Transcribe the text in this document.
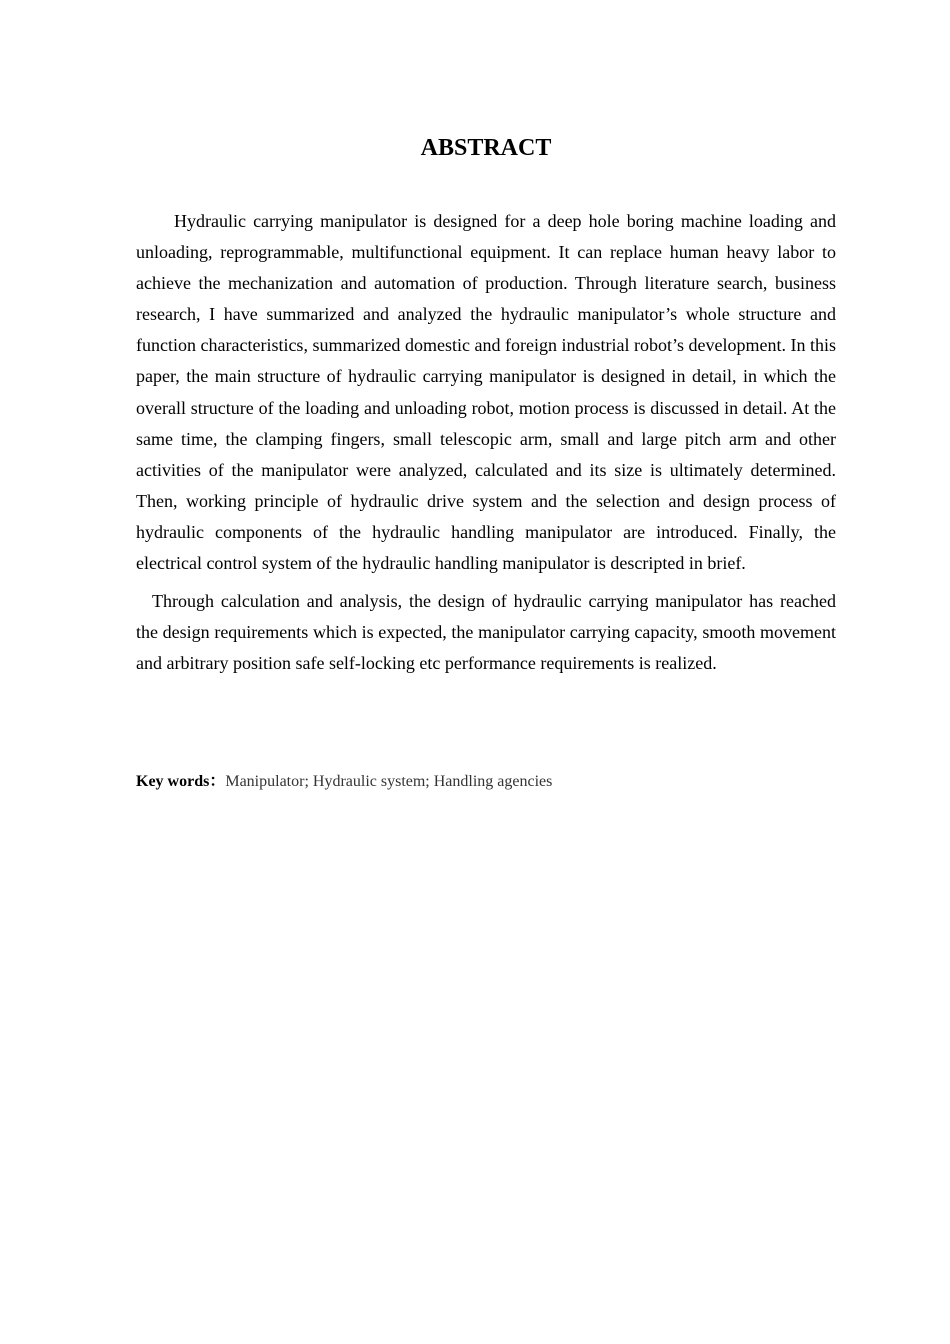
ABSTRACT

Hydraulic carrying manipulator is designed for a deep hole boring machine loading and unloading, reprogrammable, multifunctional equipment. It can replace human heavy labor to achieve the mechanization and automation of production. Through literature search, business research, I have summarized and analyzed the hydraulic manipulator’s whole structure and function characteristics, summarized domestic and foreign industrial robot’s development. In this paper, the main structure of hydraulic carrying manipulator is designed in detail, in which the overall structure of the loading and unloading robot, motion process is discussed in detail. At the same time, the clamping fingers, small telescopic arm, small and large pitch arm and other activities of the manipulator were analyzed, calculated and its size is ultimately determined. Then, working principle of hydraulic drive system and the selection and design process of hydraulic components of the hydraulic handling manipulator are introduced. Finally, the electrical control system of the hydraulic handling manipulator is descripted in brief.

Through calculation and analysis, the design of hydraulic carrying manipulator has reached the design requirements which is expected, the manipulator carrying capacity, smooth movement and arbitrary position safe self-locking etc performance requirements is realized.

Key words：Manipulator; Hydraulic system; Handling agencies
